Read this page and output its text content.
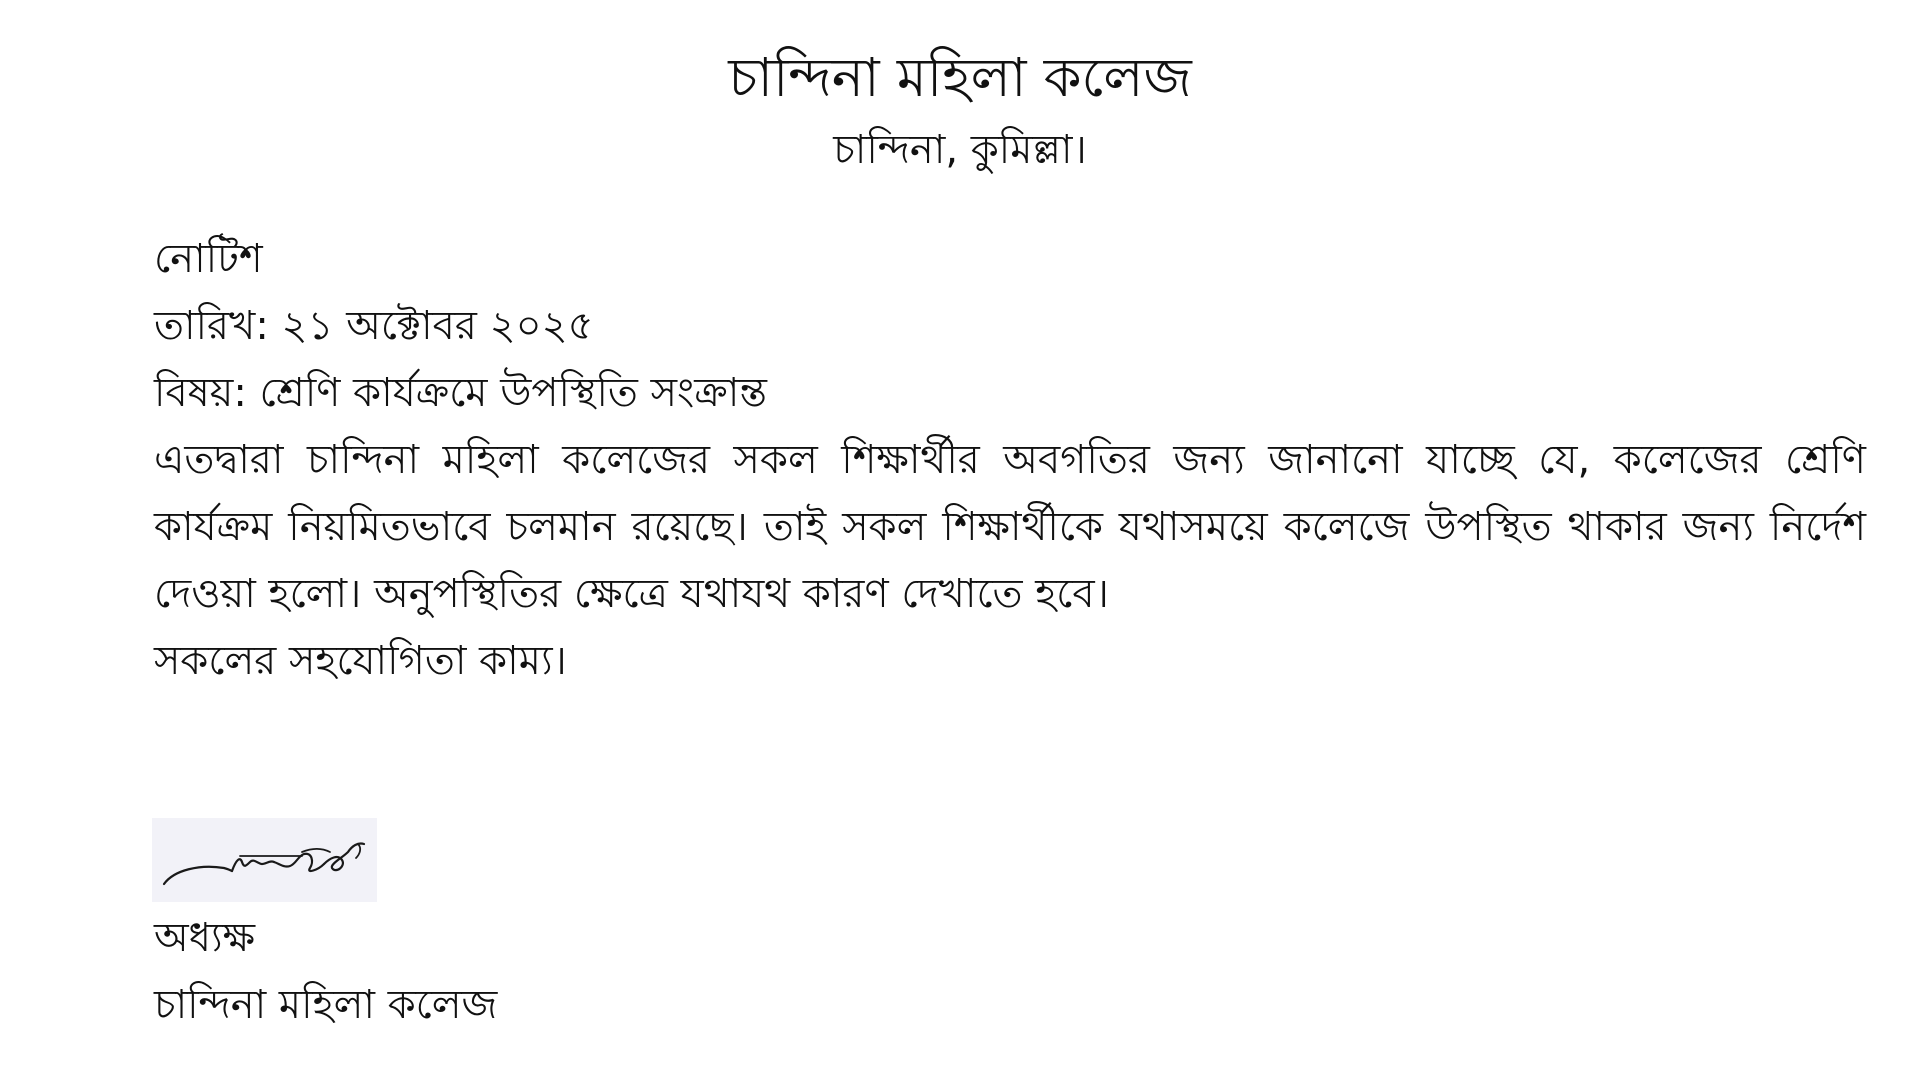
চান্দিনা মহিলা কলেজ
চান্দিনা, কুমিল্লা।
নোটিশ
তারিখ: ২১ অক্টোবর ২০২৫
বিষয়: শ্রেণি কার্যক্রমে উপস্থিতি সংক্রান্ত

এতদ্বারা চান্দিনা মহিলা কলেজের সকল শিক্ষার্থীর অবগতির জন্য জানানো যাচ্ছে যে, কলেজের শ্রেণি কার্যক্রম নিয়মিতভাবে চলমান রয়েছে। তাই সকল শিক্ষার্থীকে যথাসময়ে কলেজে উপস্থিত থাকার জন্য নির্দেশ দেওয়া হলো। অনুপস্থিতির ক্ষেত্রে যথাযথ কারণ দেখাতে হবে।

সকলের সহযোগিতা কাম্য।
অধ্যক্ষ
চান্দিনা মহিলা কলেজ
